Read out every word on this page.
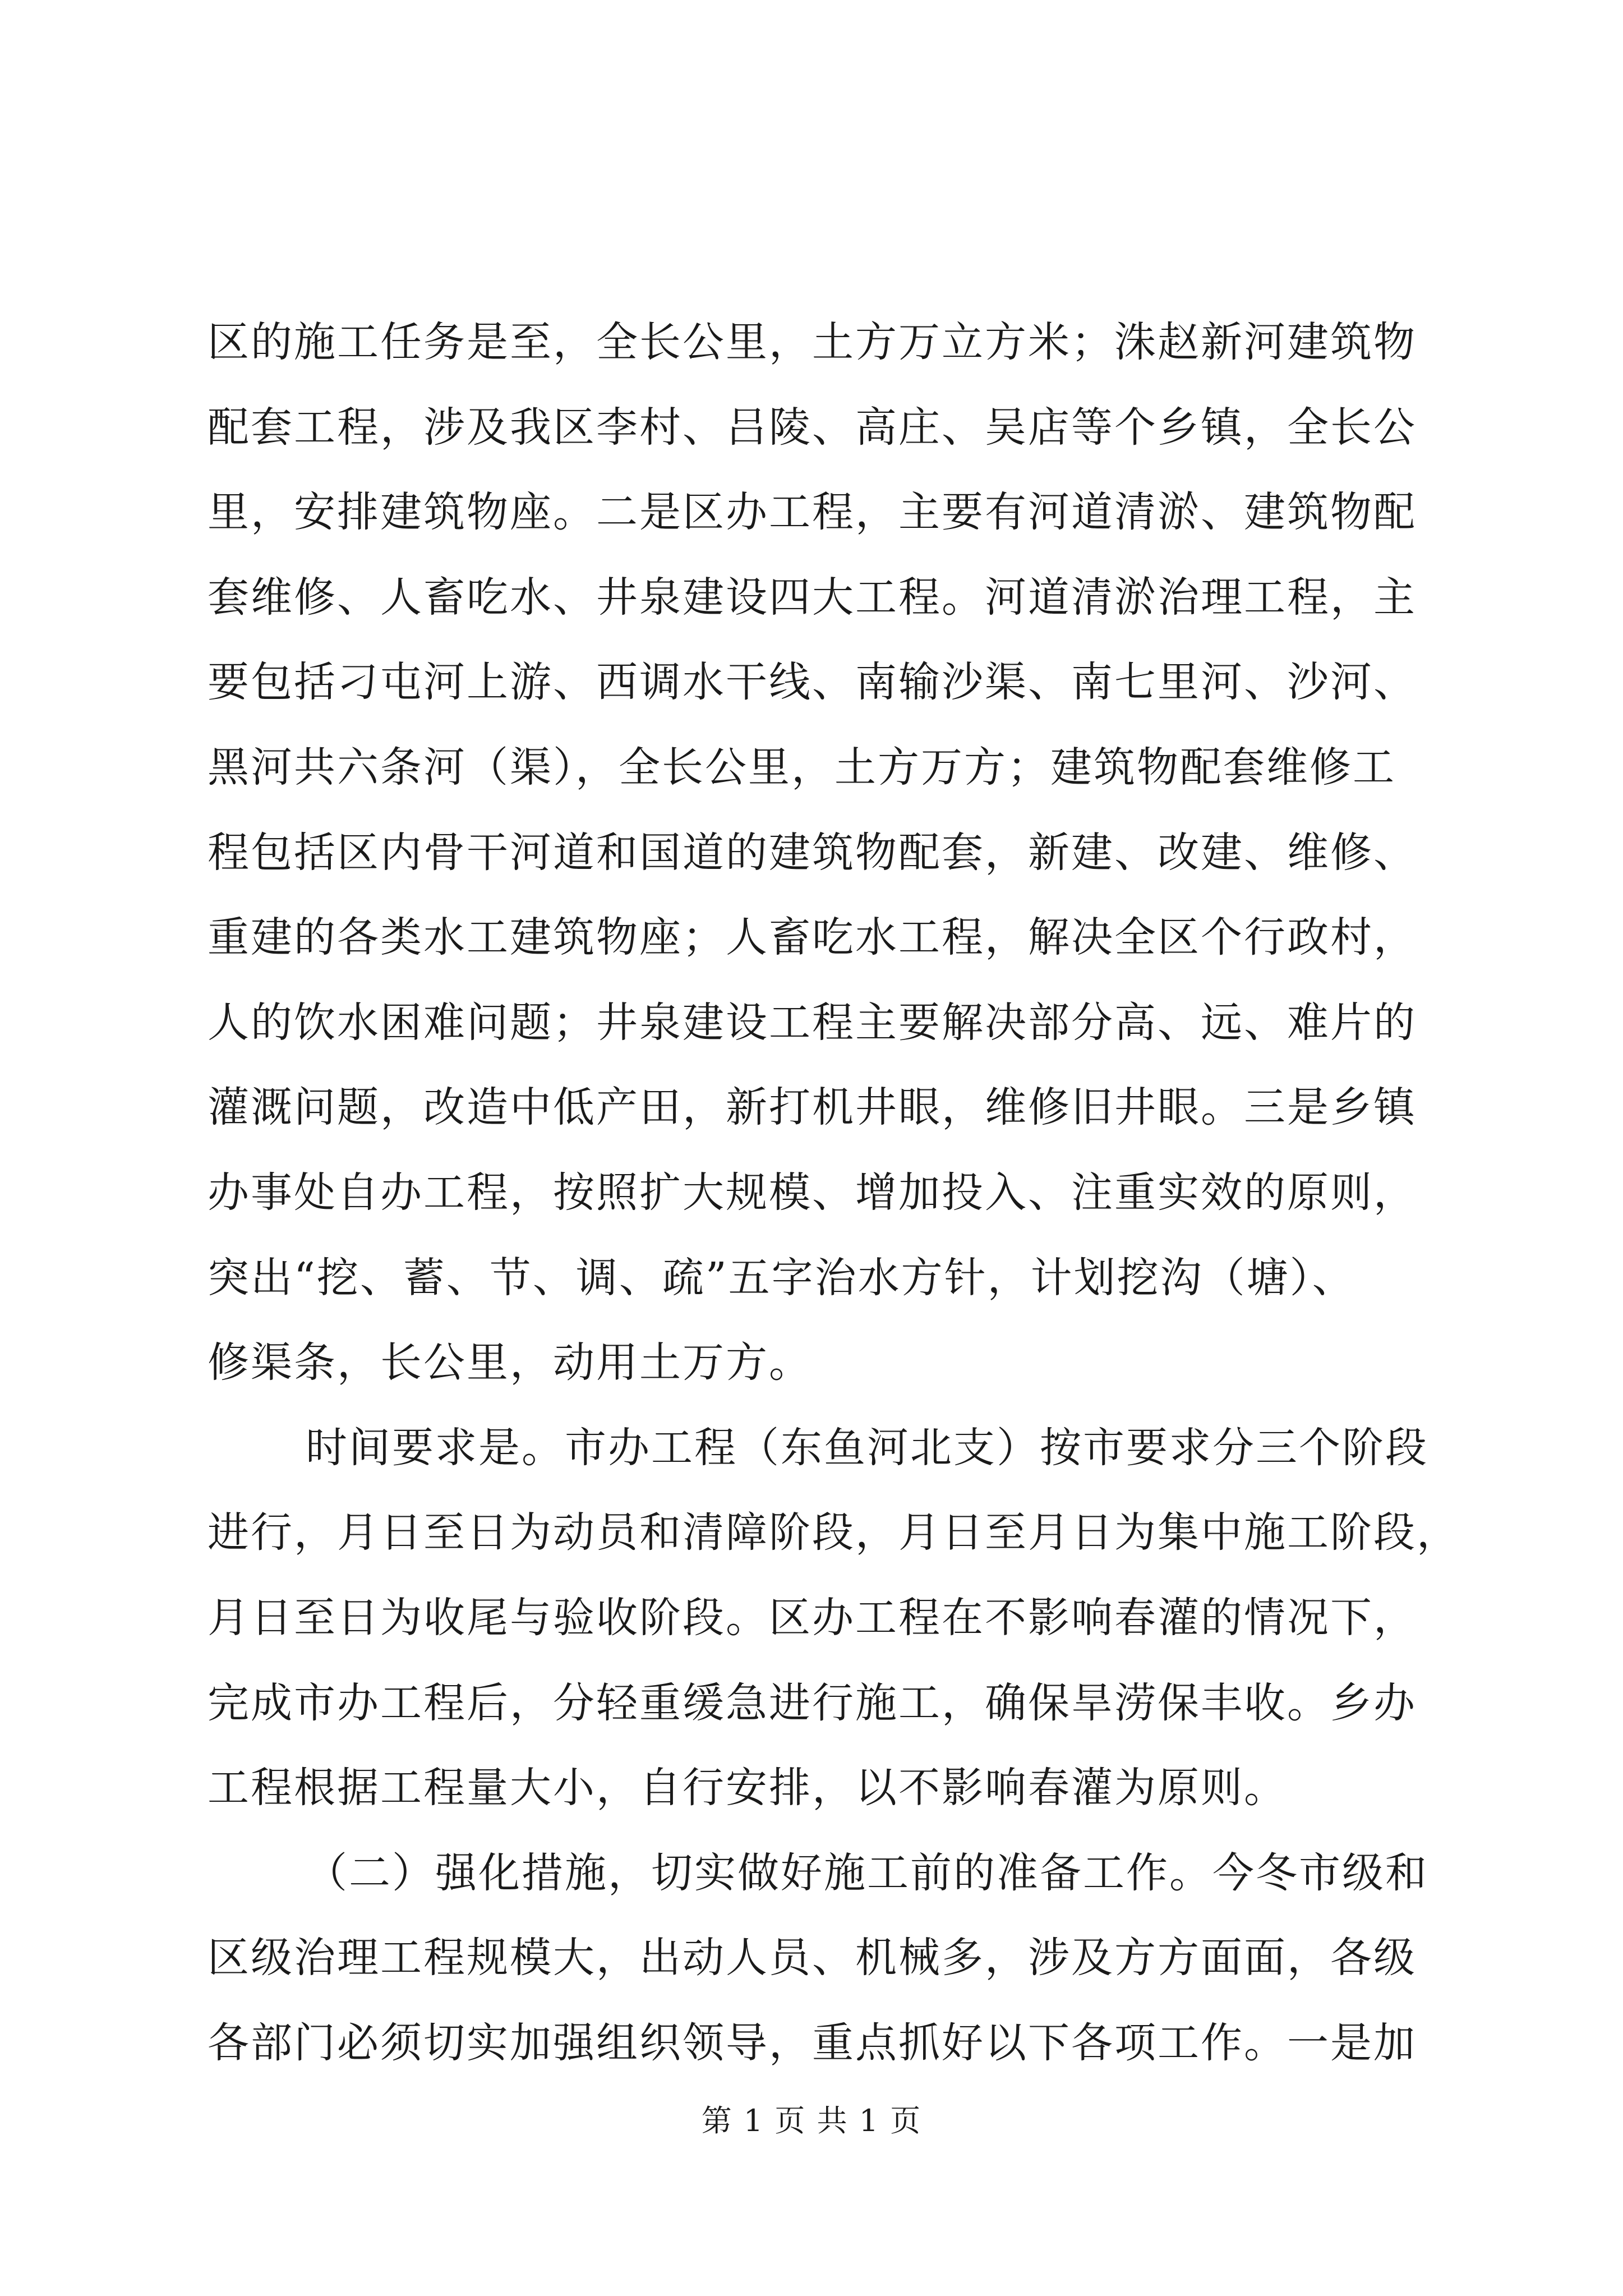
区的施工任务是至，全长公里，土方万立方米；洙赵新河建筑物
配套工程，涉及我区李村、吕陵、高庄、吴店等个乡镇，全长公
里，安排建筑物座。二是区办工程，主要有河道清淤、建筑物配
套维修、人畜吃水、井泉建设四大工程。河道清淤治理工程，主
要包括刁屯河上游、西调水干线、南输沙渠、南七里河、沙河、
黑河共六条河（渠），全长公里，土方万方；建筑物配套维修工
程包括区内骨干河道和国道的建筑物配套，新建、改建、维修、
重建的各类水工建筑物座；人畜吃水工程，解决全区个行政村，
人的饮水困难问题；井泉建设工程主要解决部分高、远、难片的
灌溉问题，改造中低产田，新打机井眼，维修旧井眼。三是乡镇
办事处自办工程，按照扩大规模、增加投入、注重实效的原则，
突出“挖、蓄、节、调、疏”五字治水方针，计划挖沟（塘）、
修渠条，长公里，动用土万方。

时间要求是。市办工程（东鱼河北支）按市要求分三个阶段
进行，月日至日为动员和清障阶段，月日至月日为集中施工阶段，
月日至日为收尾与验收阶段。区办工程在不影响春灌的情况下，
完成市办工程后，分轻重缓急进行施工，确保旱涝保丰收。乡办
工程根据工程量大小，自行安排，以不影响春灌为原则。

（二）强化措施，切实做好施工前的准备工作。今冬市级和
区级治理工程规模大，出动人员、机械多，涉及方方面面，各级
各部门必须切实加强组织领导，重点抓好以下各项工作。一是加

第 1 页 共 1 页
